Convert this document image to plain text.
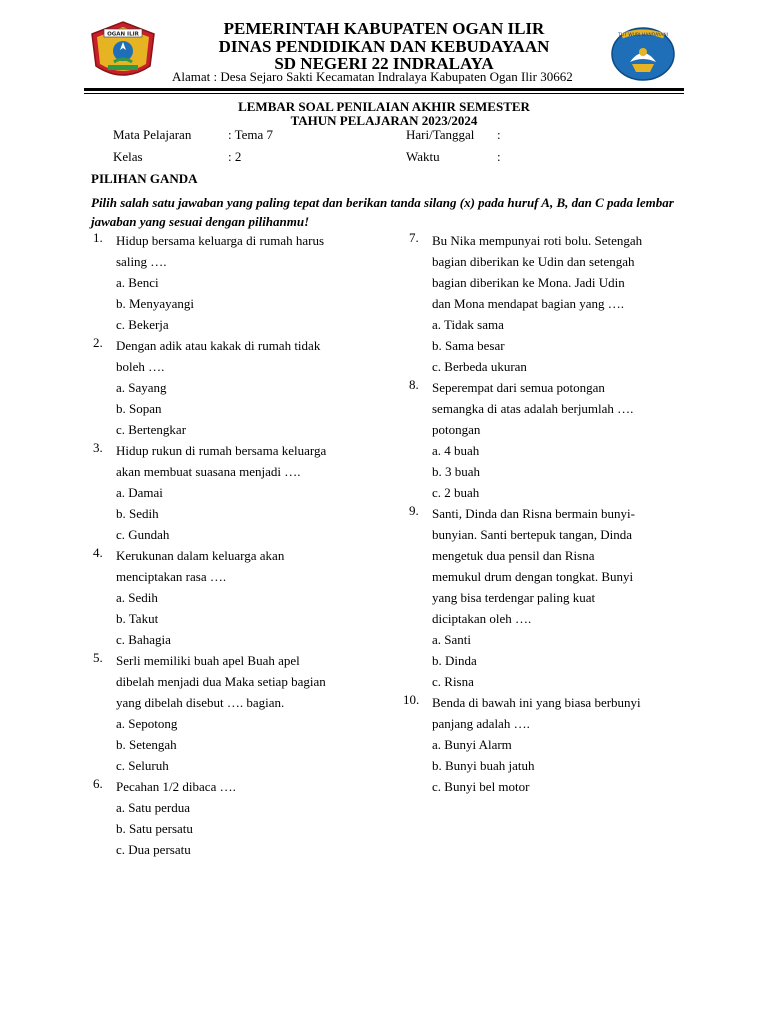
OGAN ILIR	TUT WURI HANDAYANI
PEMERINTAH KABUPATEN OGAN ILIR
DINAS PENDIDIKAN DAN KEBUDAYAAN
SD NEGERI 22 INDRALAYA
Alamat : Desa Sejaro Sakti Kecamatan Indralaya Kabupaten Ogan Ilir 30662
LEMBAR SOAL PENILAIAN AKHIR SEMESTER
TAHUN PELAJARAN 2023/2024
Mata Pelajaran	: Tema 7	Hari/Tanggal :
Kelas	: 2	Waktu	:
PILIHAN GANDA
Pilih salah satu jawaban yang paling tepat dan berikan tanda silang (x) pada huruf A, B, dan C pada lembar jawaban yang sesuai dengan pilihanmu!
1. Hidup bersama keluarga di rumah harus
saling ….
a. Benci
b. Menyayangi
c. Bekerja
2. Dengan adik atau kakak di rumah tidak
boleh ….
a. Sayang
b. Sopan
c. Bertengkar
3. Hidup rukun di rumah bersama keluarga
akan membuat suasana menjadi ….
a. Damai
b. Sedih
c. Gundah
4. Kerukunan dalam keluarga akan
menciptakan rasa ….
a. Sedih
b. Takut
c. Bahagia
5. Serli memiliki buah apel Buah apel
dibelah menjadi dua Maka setiap bagian
yang dibelah disebut …. bagian.
a. Sepotong
b. Setengah
c. Seluruh
6. Pecahan 1/2 dibaca ….
a. Satu perdua
b. Satu persatu
c. Dua persatu
7. Bu Nika mempunyai roti bolu. Setengah
bagian diberikan ke Udin dan setengah
bagian diberikan ke Mona. Jadi Udin
dan Mona mendapat bagian yang ….
a. Tidak sama
b. Sama besar
c. Berbeda ukuran
8. Seperempat dari semua potongan
semangka di atas adalah berjumlah ….
potongan
a. 4 buah
b. 3 buah
c. 2 buah
9. Santi, Dinda dan Risna bermain bunyi-
bunyian. Santi bertepuk tangan, Dinda
mengetuk dua pensil dan Risna
memukul drum dengan tongkat. Bunyi
yang bisa terdengar paling kuat
diciptakan oleh ….
a. Santi
b. Dinda
c. Risna
10. Benda di bawah ini yang biasa berbunyi
panjang adalah ….
a. Bunyi Alarm
b. Bunyi buah jatuh
c. Bunyi bel motor
